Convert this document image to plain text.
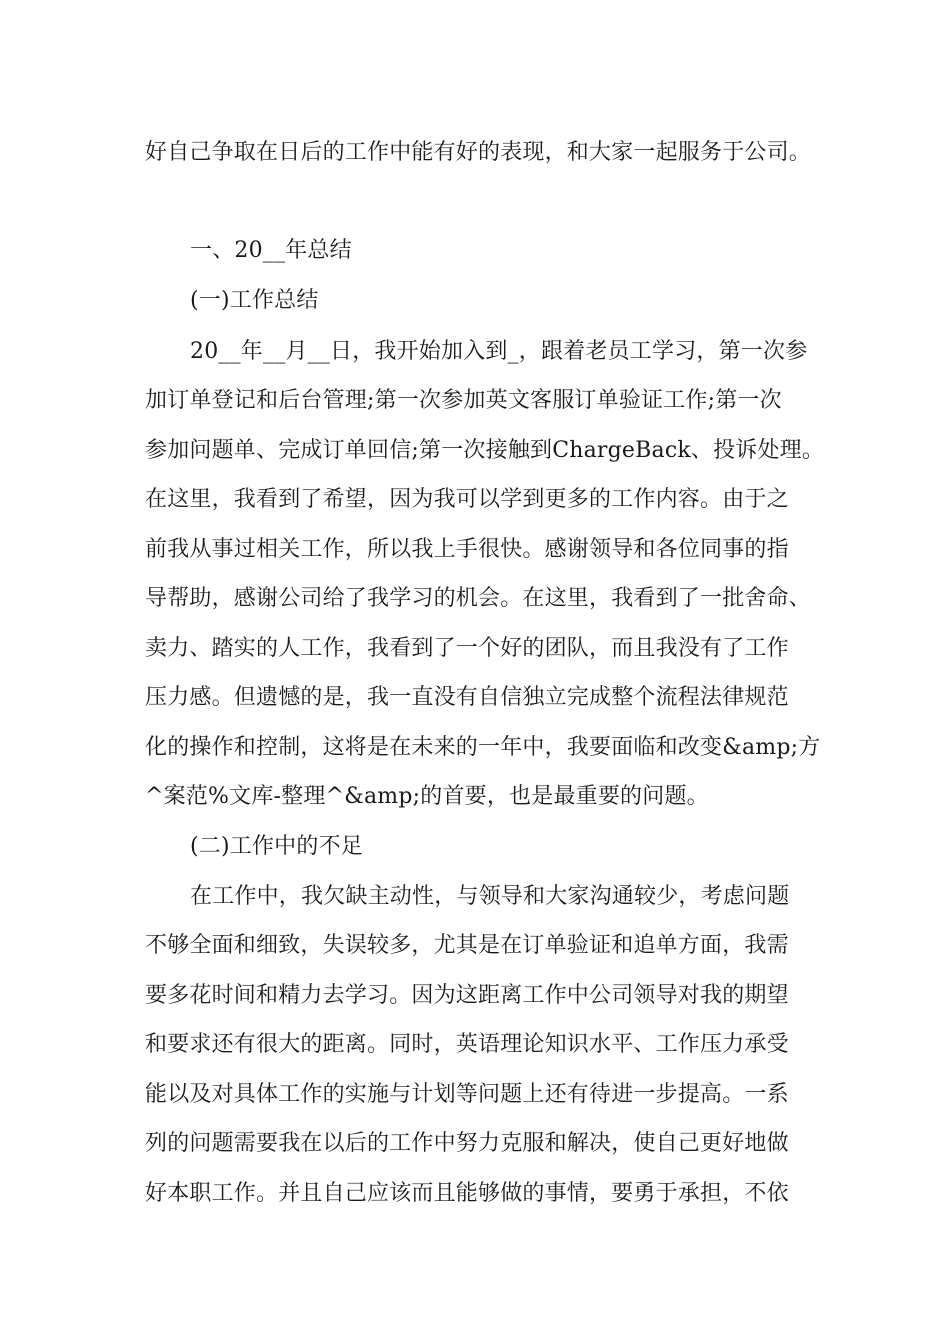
好自己争取在日后的工作中能有好的表现，和大家一起服务于公司。
一、20__年总结
(一)工作总结
20__年__月__日，我开始加入到_，跟着老员工学习，第一次参
加订单登记和后台管理;第一次参加英文客服订单验证工作;第一次
参加问题单、完成订单回信;第一次接触到ChargeBack、投诉处理。
在这里，我看到了希望，因为我可以学到更多的工作内容。由于之
前我从事过相关工作，所以我上手很快。感谢领导和各位同事的指
导帮助，感谢公司给了我学习的机会。在这里，我看到了一批舍命、
卖力、踏实的人工作，我看到了一个好的团队，而且我没有了工作
压力感。但遗憾的是，我一直没有自信独立完成整个流程法律规范
化的操作和控制，这将是在未来的一年中，我要面临和改变&amp;方
^案范%文库-整理^&amp;的首要，也是最重要的问题。
(二)工作中的不足
在工作中，我欠缺主动性，与领导和大家沟通较少，考虑问题
不够全面和细致，失误较多，尤其是在订单验证和追单方面，我需
要多花时间和精力去学习。因为这距离工作中公司领导对我的期望
和要求还有很大的距离。同时，英语理论知识水平、工作压力承受
能以及对具体工作的实施与计划等问题上还有待进一步提高。一系
列的问题需要我在以后的工作中努力克服和解决，使自己更好地做
好本职工作。并且自己应该而且能够做的事情，要勇于承担，不依
